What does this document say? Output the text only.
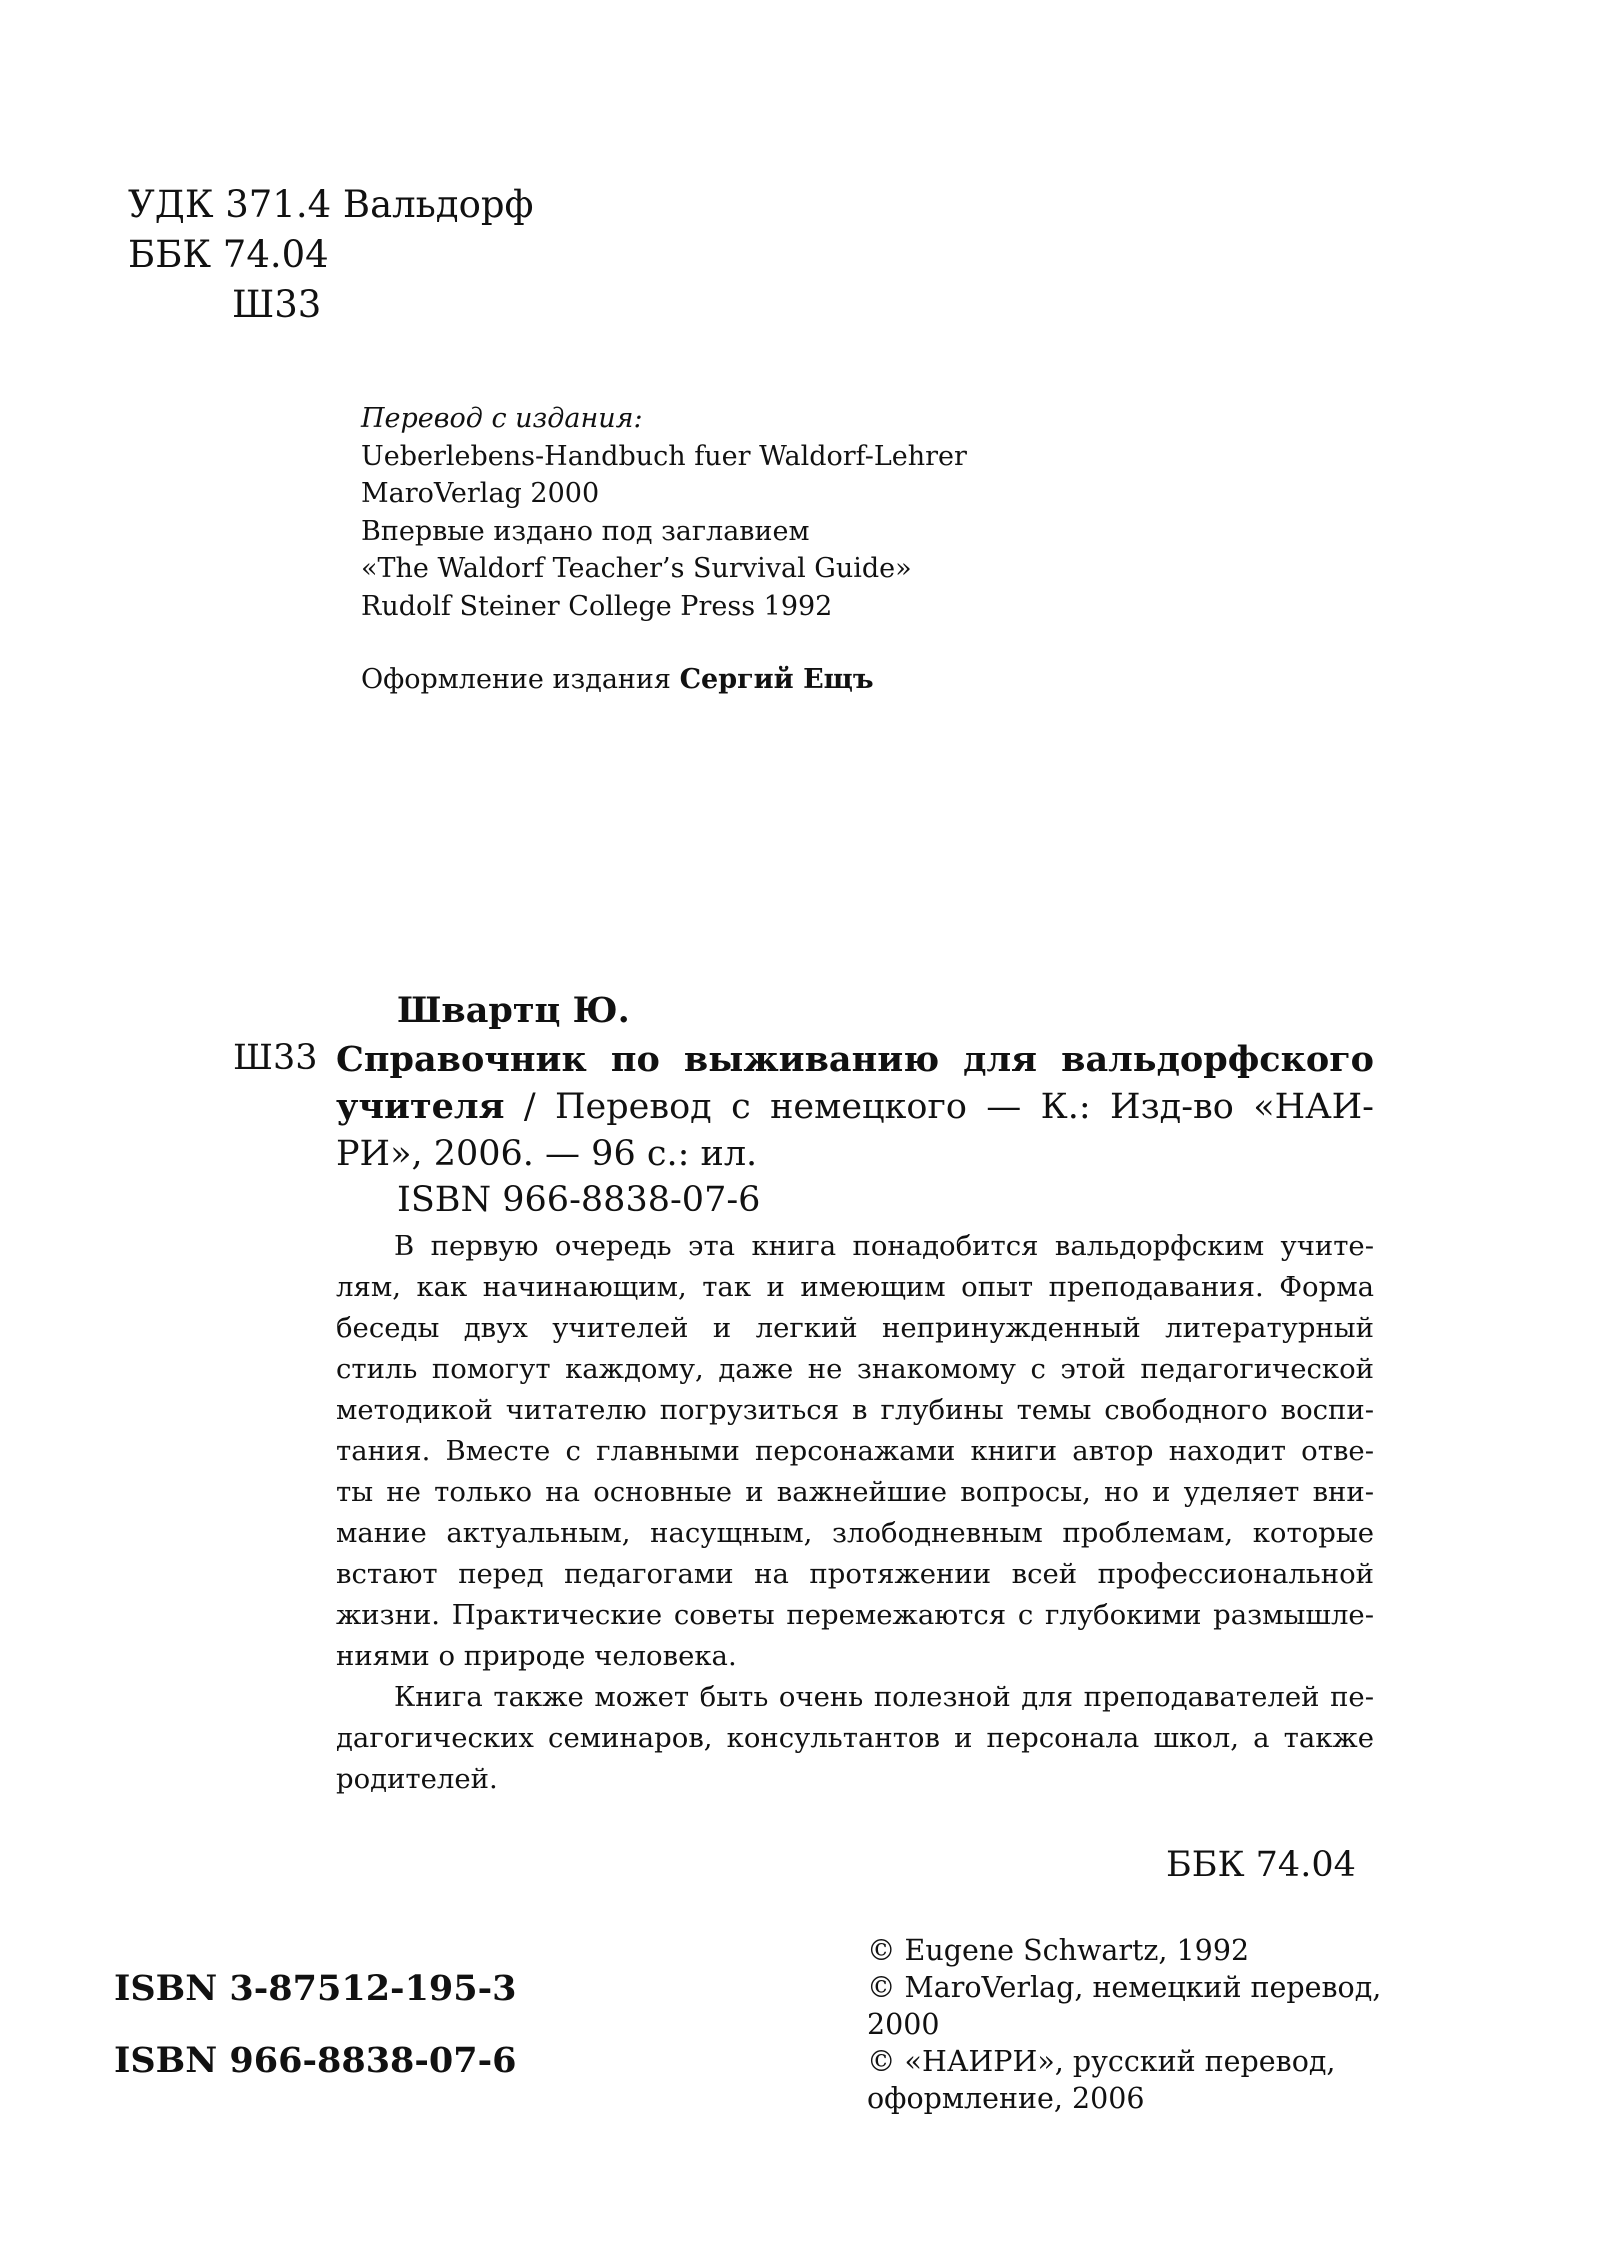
УДК 371.4 Вальдорф
ББК 74.04
Ш33
Перевод с издания:
Ueberlebens-Handbuch fuer Waldorf-Lehrer
MaroVerlag 2000
Впервые издано под заглавием
«The Waldorf Teacher’s Survival Guide»
Rudolf Steiner College Press 1992
Оформление издания Сергий Ещъ
Швартц Ю.
Ш33 Справочник по выживанию для вальдорфского
учителя / Перевод с немецкого — К.: Изд-во «НАИ-
РИ», 2006. — 96 с.: ил.
ISBN 966-8838-07-6

В первую очередь эта книга понадобится вальдорфским учите-
лям, как начинающим, так и имеющим опыт преподавания. Форма
беседы двух учителей и легкий непринужденный литературный
стиль помогут каждому, даже не знакомому с этой педагогической
методикой читателю погрузиться в глубины темы свободного воспи-
тания. Вместе с главными персонажами книги автор находит отве-
ты не только на основные и важнейшие вопросы, но и уделяет вни-
мание актуальным, насущным, злободневным проблемам, которые
встают перед педагогами на протяжении всей профессиональной
жизни. Практические советы перемежаются с глубокими размышле-
ниями о природе человека.

Книга также может быть очень полезной для преподавателей пе-
дагогических семинаров, консультантов и персонала школ, а также
родителей.

ББК 74.04
ISBN 3-87512-195-3
ISBN 966-8838-07-6
© Eugene Schwartz, 1992
© MaroVerlag, немецкий перевод,
2000
© «НАИРИ», русский перевод,
оформление, 2006
